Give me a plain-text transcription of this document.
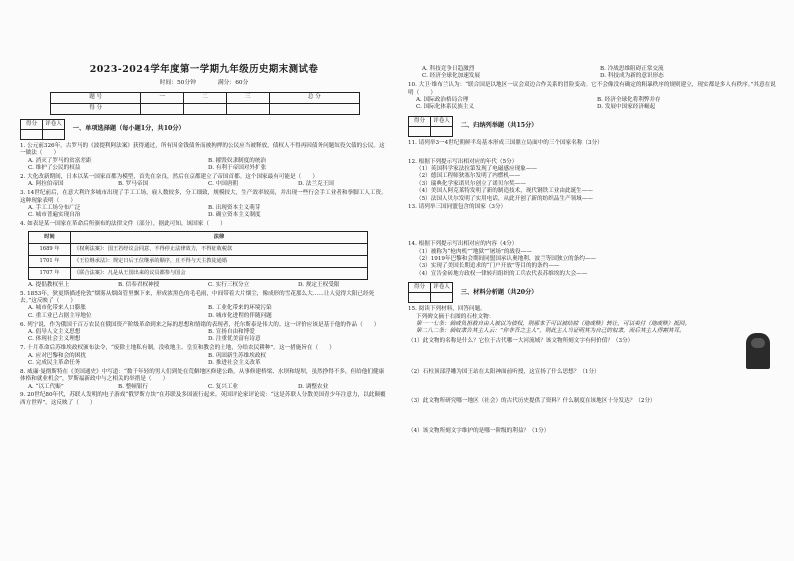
2023-2024学年度第一学期九年级历史期末测试卷
时间：50分钟	满分：60分
题 号	一	二	三	总 分
得 分				
得分	评卷人
	一、单项选择题（每小题1分，共10分）
1. 公元前326年，古罗马的《波提利阿法案》获得通过，所有因金钱债务而被拘押的公民应当被释放，债权人不得再因债务问题奴役欠债的公民。这一做法（　　）
A. 消灭了罗马的贫富差距	B. 摧毁奴隶制度的统治
C. 维护了公民的权益	D. 有利于帝国对外扩张
2. 大化改新期间，日本以某一国家首都为模型，首先在奈良，然后在京都建立了帝国首都。这个国家最有可能是（　　）
A. 阿拉伯帝国	B. 罗马帝国	C. 中国唐朝	D. 法兰克王国
3. 14世纪前后，在意大利许多城市出现了手工工场，雇人数较多，分工细致，规模较大，生产效率较高，并出现一些行会手工业者和拳脚工人工资。这种现象表明（　　）
A. 手工工场分布广泛	B. 出现资本主义萌芽
C. 城市普遍实现自治	D. 确立资本主义制度
4. 如表是某一国家在革命后所颁布的法律文件（部分），据此可知，该国家（　　）
时间	法律
1689 年	《权利法案》：国王若经议会同意，不得停止法律效力，不得征收税款
1701 年	《王位继承法》：规定日后王位继承的顺序，且不得与天主教徒通婚
1707 年	《联合法案》：凡是从王国出来的议员都参与国会
A. 提倡教权至上	B. 信奉君权神授	C. 实行三权分立	D. 规定王权受限
5. 1853年，狄更斯描述伦敦“烟雾从烟囱管里飘下来，形成浓黑色的毛毛雨，中间带着大片烟尘，像成形的雪花那么大……让人觉得大阳已经死去。”这反映了（　　）
A. 城市化带来人口膨胀	B. 工业化带来的环境污染
C. 重工业已占据主导地位	D. 城市化进程的伴随问题
6. 列宁说，作为俄国千百万农民在俄国资产阶级革命到来之际的思想和情绪的表现者，托尔斯泰是伟大的。这一评价应该是基于他的作品（　　）
A. 倡导人文主义思想	B. 宣扬自由和博爱
C. 体现社会主义理想	D. 注重优美富有诗意
7. 十月革命后苏维埃政权颁布法令，“废除土地私有制，没收地主、皇室和教会的土地，分给农民耕种”。这一措施旨在（　　）
A. 应对巴黎和会的困扰	B. 巩固新生苏维埃政权
C. 完成民主革命任务	D. 推进社会主义改革
8. 威廉·曼彻斯特在《美国通史》中写道：“数千年轻的男人们到处在荒僻地区修建公路，从事修建桥梁、水坝和堤坝，虽然挣得不多，但给他们健康体格和就业机会”，罗斯福新政中与之相关的举措是（　　）
A. “以工代赈”	B. 整顿银行	C. 复兴工业	D. 调整农业
9. 20世纪80年代，苏联人发明的电子游戏“俄罗斯方块”在苏联及多国流行起来。英国评论家评论说：“这是苏联人分散美国青少年注意力，以此颠覆西方世界”。这反映了（　　）
A. 科技竞争日趋激烈	B. 冷战思维阻碍正常交流
C. 经济全球化加速发展	D. 科技成为新的意识形态
10. 大卫·维布兰认为：“联合国是以地区一议会双边合作关系的冒险变动。它不会像没有确定的粗暴秩序的规则建立，现实都是多人有秩序。”其意在说明（　　）
A. 国际政治格局合理	B. 经济全球化将利弊并存
C. 国际化体系民族主义	D. 发展中国家经济崛起
得分	评卷人
	二、归纳列举题（共15分）
11. 请列举3一4世纪朝鲜半岛基本形成三国鼎立局面中的三个国家名称（3分）
12. 根据下列提示写出相对应的年代（5分）
（1）英国科学家法拉第发现了电磁感应现象——
（2）德国工程师狄塞尔发明了内燃机——
（3）瑞典化学家诺贝尔创立了诺贝尔奖——
（4）美国人阿克莱特发明了新的制造技术，现代钢铁工业由此诞生——
（5）法国人贝尔发明了实用电话，从此开创了新的纺织品生产领域——
13. 请列举三国同盟包含的国家（3分）
14. 根据下列提示写出相对应的内容（4分）
（1）被称为“枪肉机”“地狱”“屠场”的战役——
（2）1919年巴黎和会期间同盟国承认奥地利、波兰等国独立的条约——
（3）实现了美国长期追求的“门户开放”等目的的条约——
（4）宣告金砖地方政权一律转归组织的工兵农代表苏维埃的大会——
得分	评卷人
	三、材料分析题（共20分）
15. 阅读下列材料，回答问题。
下列碑文摘于右图的石柱文物：
第一一七条：倘或负担救自由人被以为债权，则那本于可以被结掠（地或赎）转让，可以卖付（地或赎）抵回。
第二八二条：倘奴隶告其主人云：“你非吾之主人”，则此主人当证明其为自己的奴隶，而后其主人得割其耳。
（1）此文物的名称是什么？它位于古代哪一大河流域？该文物所刻文字有何价值？（3分）
（2）石柱顶部浮雕为国王站在太阳神面前听授，这宣扬了什么思想？（1分）
（3）此文物所研究哪一地区（社会）的古代历史提供了资料？什么制度在该地区十分发达？（2分）
（4）该文物所刻文字维护的是哪一阶级的利益？（1分）
